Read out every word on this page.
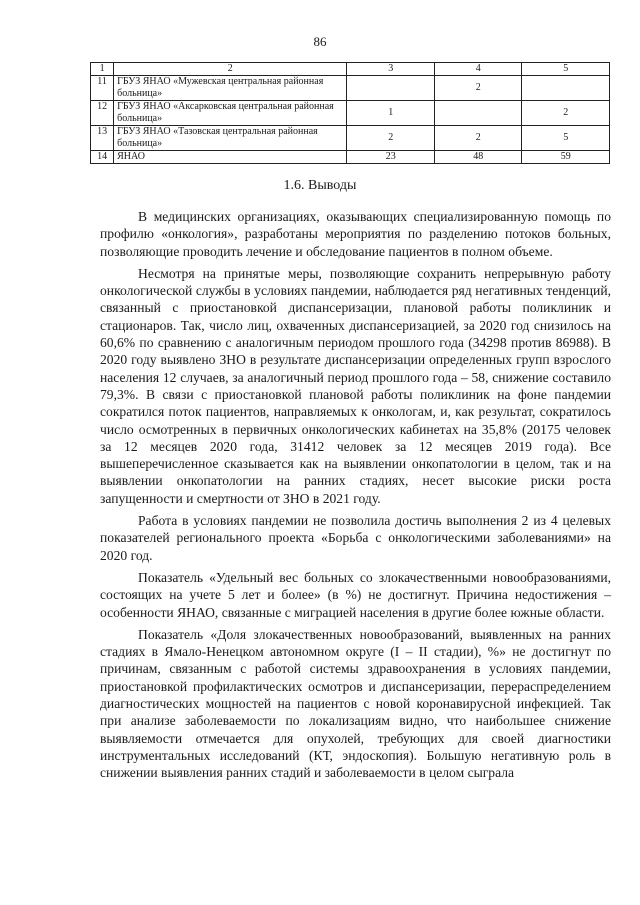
86
1	2	3	4	5
11	ГБУЗ ЯНАО «Мужевская центральная районная больница»		2	
12	ГБУЗ ЯНАО «Аксарковская центральная районная больница»	1		2
13	ГБУЗ ЯНАО «Тазовская центральная районная больница»	2	2	5
14	ЯНАО	23	48	59
1.6. Выводы

В медицинских организациях, оказывающих специализированную помощь по профилю «онкология», разработаны мероприятия по разделению потоков больных, позволяющие проводить лечение и обследование пациентов в полном объеме.

Несмотря на принятые меры, позволяющие сохранить непрерывную работу онкологической службы в условиях пандемии, наблюдается ряд негативных тенденций, связанный с приостановкой диспансеризации, плановой работы поликлиник и стационаров. Так, число лиц, охваченных диспансеризацией, за 2020 год снизилось на 60,6% по сравнению с аналогичным периодом прошлого года (34298 против 86988). В 2020 году выявлено ЗНО в результате диспансеризации определенных групп взрослого населения 12 случаев, за аналогичный период прошлого года – 58, снижение составило 79,3%. В связи с приостановкой плановой работы поликлиник на фоне пандемии сократился поток пациентов, направляемых к онкологам, и, как результат, сократилось число осмотренных в первичных онкологических кабинетах на 35,8% (20175 человек за 12 месяцев 2020 года, 31412 человек за 12 месяцев 2019 года). Все вышеперечисленное сказывается как на выявлении онкопатологии в целом, так и на выявлении онкопатологии на ранних стадиях, несет высокие риски роста запущенности и смертности от ЗНО в 2021 году.

Работа в условиях пандемии не позволила достичь выполнения 2 из 4 целевых показателей регионального проекта «Борьба с онкологическими заболеваниями» на 2020 год.

Показатель «Удельный вес больных со злокачественными новообразованиями, состоящих на учете 5 лет и более» (в %) не достигнут. Причина недостижения – особенности ЯНАО, связанные с миграцией населения в другие более южные области.

Показатель «Доля злокачественных новообразований, выявленных на ранних стадиях в Ямало-Ненецком автономном округе (I – II стадии), %» не достигнут по причинам, связанным с работой системы здравоохранения в условиях пандемии, приостановкой профилактических осмотров и диспансеризации, перераспределением диагностических мощностей на пациентов с новой коронавирусной инфекцией. Так при анализе заболеваемости по локализациям видно, что наибольшее снижение выявляемости отмечается для опухолей, требующих для своей диагностики инструментальных исследований (КТ, эндоскопия). Большую негативную роль в снижении выявления ранних стадий и заболеваемости в целом сыграла
